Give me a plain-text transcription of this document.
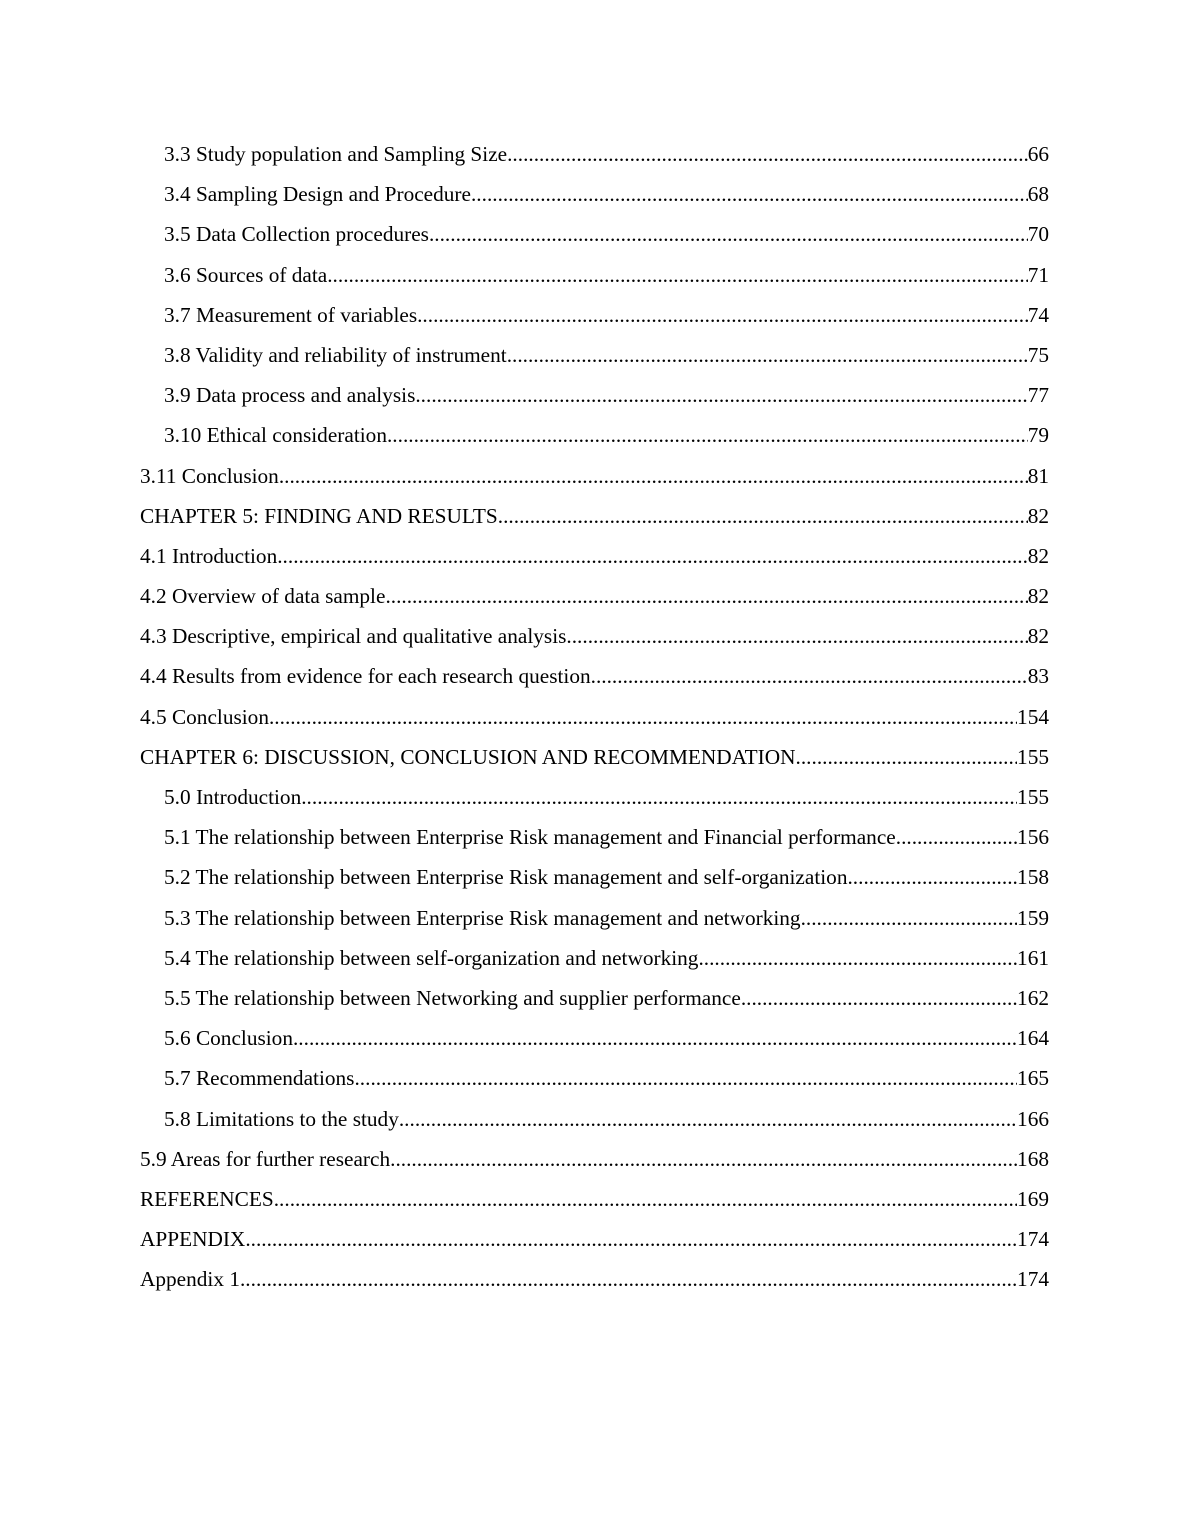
3.3 Study population and Sampling Size .....	66
3.4 Sampling Design and Procedure .....	68
3.5 Data Collection procedures .....	70
3.6 Sources of data .....	71
3.7 Measurement of variables .....	74
3.8 Validity and reliability of instrument .....	75
3.9 Data process and analysis .....	77
3.10 Ethical consideration .....	79
3.11 Conclusion .....	81
CHAPTER 5: FINDING AND RESULTS .....	82
4.1 Introduction .....	82
4.2 Overview of data sample .....	82
4.3 Descriptive, empirical and qualitative analysis .....	82
4.4 Results from evidence for each research question .....	83
4.5 Conclusion .....	154
CHAPTER 6: DISCUSSION, CONCLUSION AND RECOMMENDATION .....	155
5.0 Introduction .....	155
5.1 The relationship between Enterprise Risk management and Financial performance .....	156
5.2 The relationship between Enterprise Risk management and self-organization .....	158
5.3 The relationship between Enterprise Risk management and networking .....	159
5.4 The relationship between self-organization and networking .....	161
5.5 The relationship between Networking and supplier performance .....	162
5.6 Conclusion .....	164
5.7 Recommendations .....	165
5.8 Limitations to the study .....	166
5.9 Areas for further research .....	168
REFERENCES .....	169
APPENDIX .....	174
Appendix 1 .....	174
